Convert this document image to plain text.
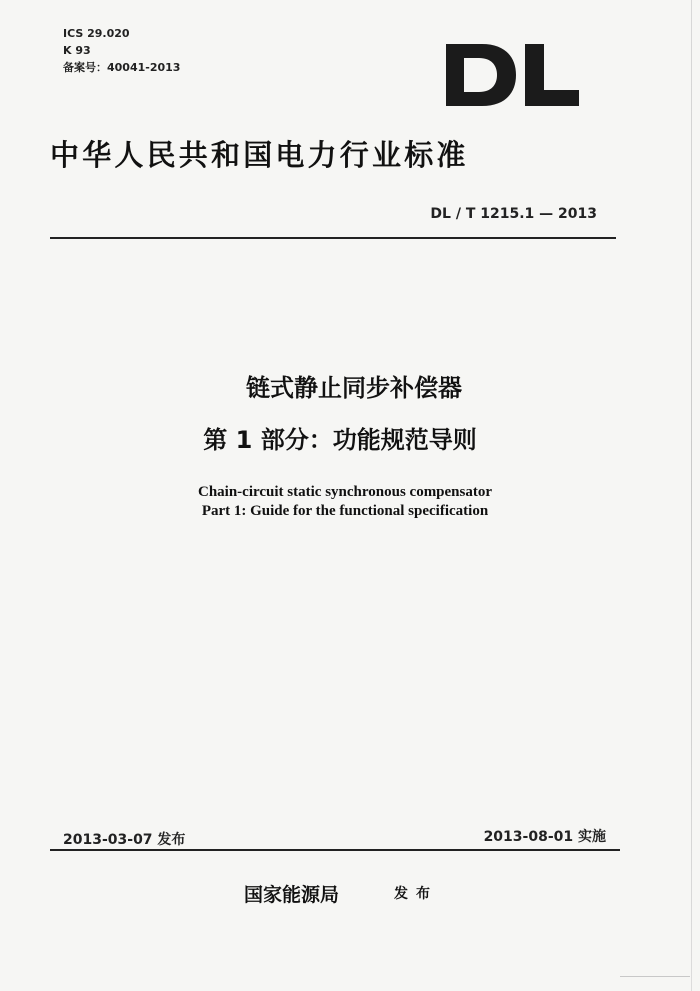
ICS 29.020
K 93
备案号：40041-2013
中华人民共和国电力行业标准
DL / T 1215.1 — 2013
链式静止同步补偿器
第 1 部分：功能规范导则
Chain-circuit static synchronous compensator
Part 1: Guide for the functional specification
2013-03-07 发布	2013-08-01 实施
国家能源局	发布
